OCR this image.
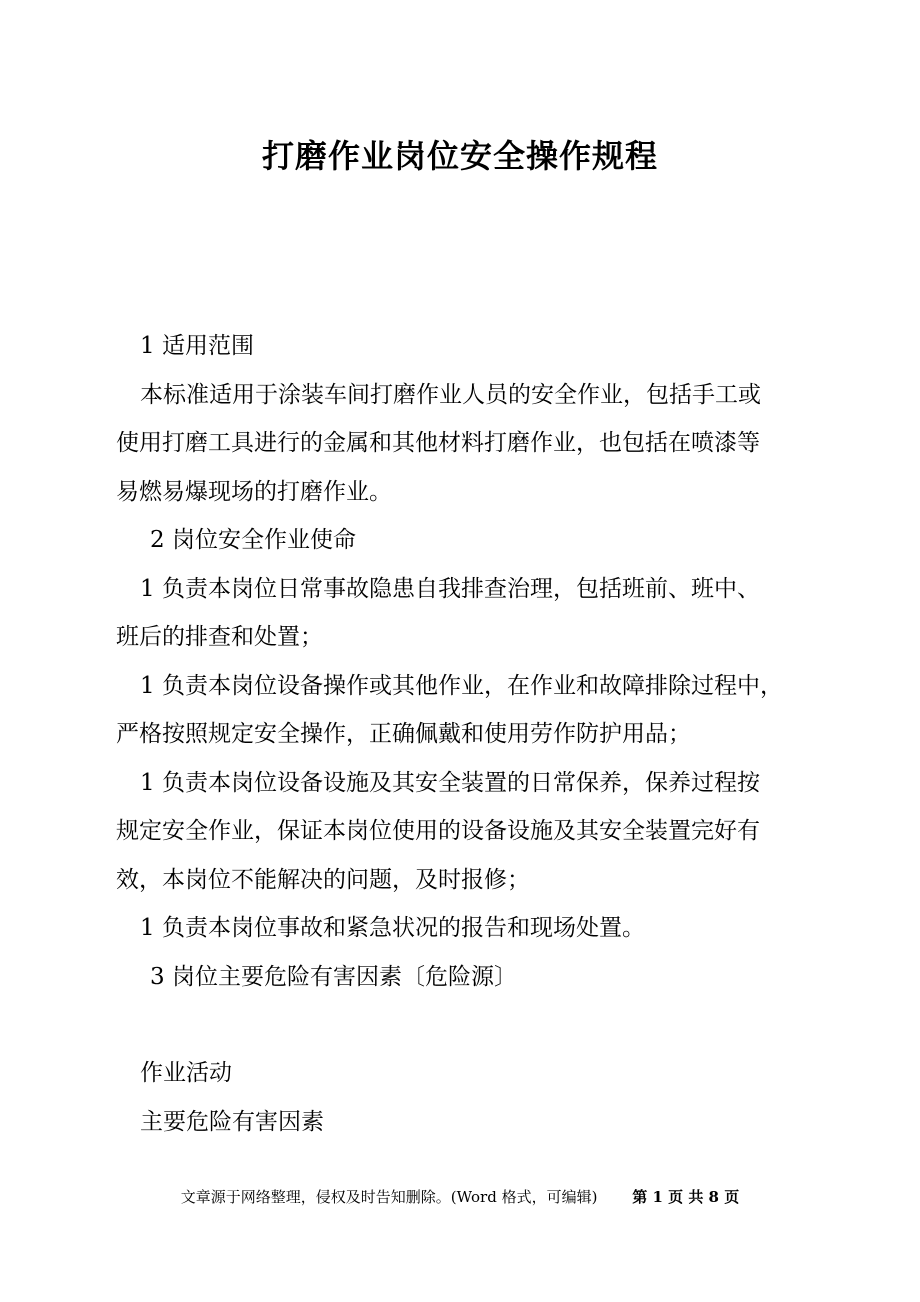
打磨作业岗位安全操作规程

1 适用范围

本标准适用于涂装车间打磨作业人员的安全作业，包括手工或

使用打磨工具进行的金属和其他材料打磨作业，也包括在喷漆等

易燃易爆现场的打磨作业。

2 岗位安全作业使命

1 负责本岗位日常事故隐患自我排查治理，包括班前、班中、

班后的排查和处置；

1 负责本岗位设备操作或其他作业，在作业和故障排除过程中，

严格按照规定安全操作，正确佩戴和使用劳作防护用品；

1 负责本岗位设备设施及其安全装置的日常保养，保养过程按

规定安全作业，保证本岗位使用的设备设施及其安全装置完好有

效，本岗位不能解决的问题，及时报修；

1 负责本岗位事故和紧急状况的报告和现场处置。

3 岗位主要危险有害因素〔危险源〕

作业活动

主要危险有害因素

文章源于网络整理，侵权及时告知删除。(Word 格式，可编辑) 第 1 页 共 8 页
